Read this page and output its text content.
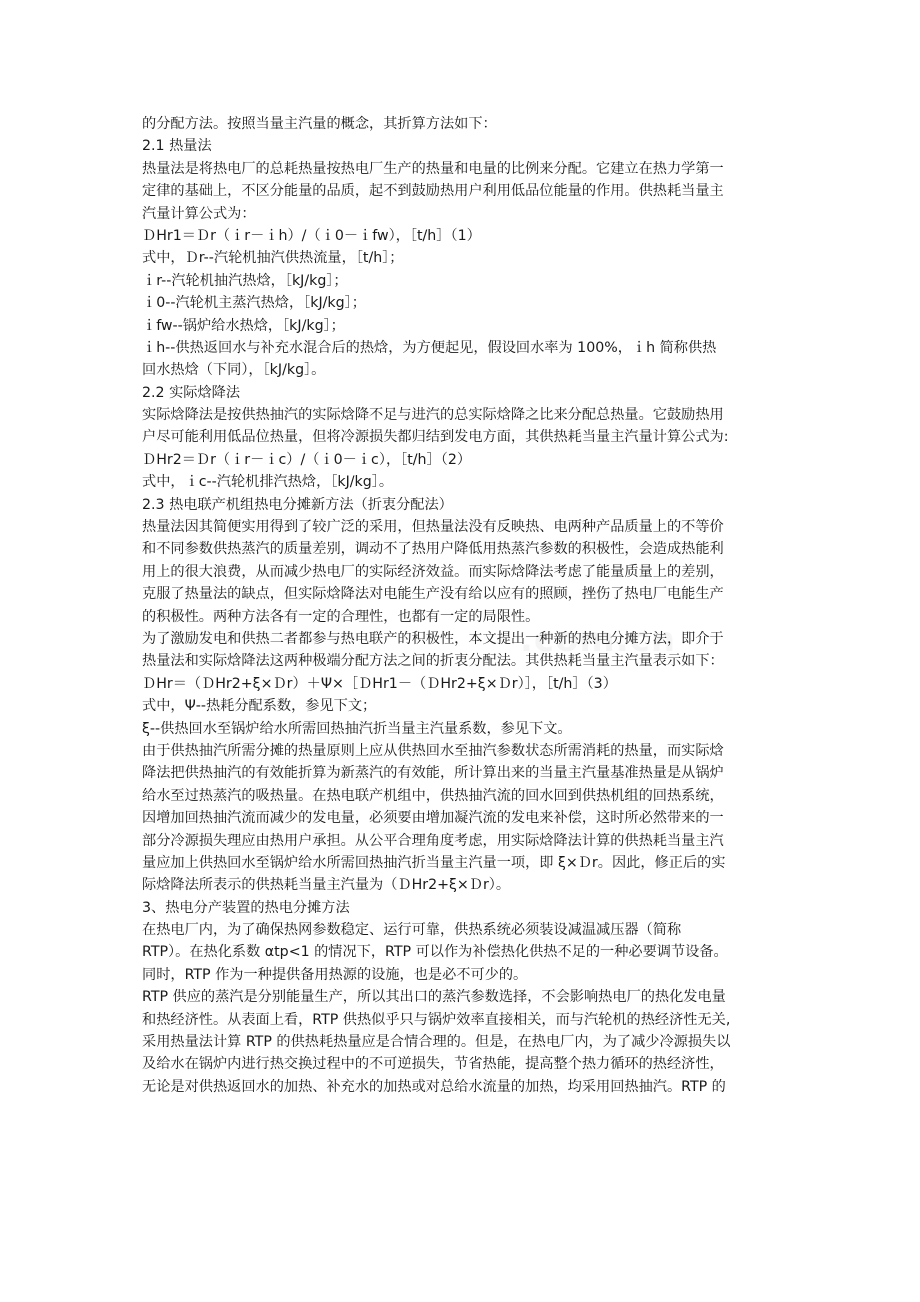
的分配方法。按照当量主汽量的概念，其折算方法如下：
2.1 热量法
热量法是将热电厂的总耗热量按热电厂生产的热量和电量的比例来分配。它建立在热力学第一
定律的基础上，不区分能量的品质，起不到鼓励热用户利用低品位能量的作用。供热耗当量主
汽量计算公式为：
ＤHr1＝Ｄr（ｉr－ｉh）/（ｉ0－ｉfw），［t/h］（1）
式中，Ｄr--汽轮机抽汽供热流量，［t/h］；
ｉr--汽轮机抽汽热焓，［kJ/kg］；
ｉ0--汽轮机主蒸汽热焓，［kJ/kg］；
ｉfw--锅炉给水热焓，［kJ/kg］；
ｉh--供热返回水与补充水混合后的热焓，为方便起见，假设回水率为 100%，ｉh 简称供热
回水热焓（下同），［kJ/kg］。
2.2 实际焓降法
实际焓降法是按供热抽汽的实际焓降不足与进汽的总实际焓降之比来分配总热量。它鼓励热用
户尽可能利用低品位热量，但将冷源损失都归结到发电方面，其供热耗当量主汽量计算公式为:
ＤHr2＝Ｄr（ｉr－ｉc）/（ｉ0－ｉc），［t/h］（2）
式中，ｉc--汽轮机排汽热焓，［kJ/kg］。
2.3 热电联产机组热电分摊新方法（折衷分配法）
热量法因其简便实用得到了较广泛的采用，但热量法没有反映热、电两种产品质量上的不等价
和不同参数供热蒸汽的质量差别，调动不了热用户降低用热蒸汽参数的积极性，会造成热能利
用上的很大浪费，从而减少热电厂的实际经济效益。而实际焓降法考虑了能量质量上的差别，
克服了热量法的缺点，但实际焓降法对电能生产没有给以应有的照顾，挫伤了热电厂电能生产
的积极性。两种方法各有一定的合理性，也都有一定的局限性。
为了激励发电和供热二者都参与热电联产的积极性，本文提出一种新的热电分摊方法，即介于
热量法和实际焓降法这两种极端分配方法之间的折衷分配法。其供热耗当量主汽量表示如下：
ＤHr＝（ＤHr2+ξ×Ｄr）＋Ψ×［ＤHr1－（ＤHr2+ξ×Ｄr）］，［t/h］（3）
式中，Ψ--热耗分配系数，参见下文；
ξ--供热回水至锅炉给水所需回热抽汽折当量主汽量系数，参见下文。
由于供热抽汽所需分摊的热量原则上应从供热回水至抽汽参数状态所需消耗的热量，而实际焓
降法把供热抽汽的有效能折算为新蒸汽的有效能，所计算出来的当量主汽量基准热量是从锅炉
给水至过热蒸汽的吸热量。在热电联产机组中，供热抽汽流的回水回到供热机组的回热系统，
因增加回热抽汽流而减少的发电量，必须要由增加凝汽流的发电来补偿，这时所必然带来的一
部分冷源损失理应由热用户承担。从公平合理角度考虑，用实际焓降法计算的供热耗当量主汽
量应加上供热回水至锅炉给水所需回热抽汽折当量主汽量一项，即 ξ×Ｄr。因此，修正后的实
际焓降法所表示的供热耗当量主汽量为（ＤHr2+ξ×Ｄr）。
3、热电分产装置的热电分摊方法
在热电厂内，为了确保热网参数稳定、运行可靠，供热系统必须装设减温减压器（简称
RTP）。在热化系数 αtp<1 的情况下，RTP 可以作为补偿热化供热不足的一种必要调节设备。
同时，RTP 作为一种提供备用热源的设施，也是必不可少的。
RTP 供应的蒸汽是分别能量生产，所以其出口的蒸汽参数选择，不会影响热电厂的热化发电量
和热经济性。从表面上看，RTP 供热似乎只与锅炉效率直接相关，而与汽轮机的热经济性无关,
采用热量法计算 RTP 的供热耗热量应是合情合理的。但是，在热电厂内，为了减少冷源损失以
及给水在锅炉内进行热交换过程中的不可逆损失，节省热能，提高整个热力循环的热经济性，
无论是对供热返回水的加热、补充水的加热或对总给水流量的加热，均采用回热抽汽。RTP 的
